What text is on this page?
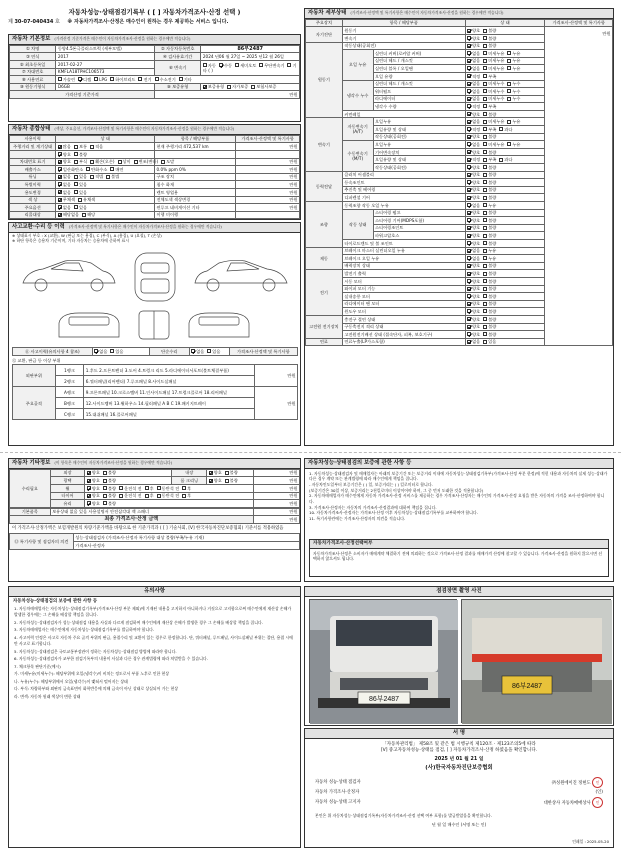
자동차성능·상태점검기록부 ( [ ] 자동차가격조사·산정 선택 )
제 30-07-040434 호 ※ 자동차가격조사·산정은 매수인이 원하는 경우 제공하는 서비스 입니다.
자동차 기본정보 (가격산정 기준가격은 매수인이 자동차가격조사·산정을 원하는 경우에만 적습니다)
① 차명	동양4.5톤극플러스트럭 (세부모델)	② 자동차등록번호	86부2487
③ 연식	2017	④ 검사유효기간	2024 년06 월 27일 ~ 2025 년12 월 26일
⑤ 최초등록일	2017-02-27	⑥ 변속기	자동 수동 세미오토 무단변속기 기타 ( )
⑦ 차대번호	KMFLA18TPHC106573		
⑧ 사용연료	가솔린 디젤 LPG 하이브리드 전기 수소전기 기타		
⑩ 원동기형식	D6GB	⑨ 보증유형	보증유형 자가보증 보험사보증
가격산정 기준가격		만원	
자동차 종합상태 (색상, 주요옵션, 가격조사·산정액 및 특기사항은 매수인이 자동차가격조사·산정을 원하는 경우에만 적습니다)
사용이력	상 태	항목 / 해당부품	가격조사·산정액 및 특기사항
주행거리 및 계기상태	많음 보통 적음	현재 주행거리 472,537 km	만원
	양호 불량		
차대번호 표기	양호 부식 훼손(오손) 상이 변조(변타) 도말		만원
배출가스	일산화탄소 탄화수소 매연	0.0% ppm 0%	만원
튜닝	없음 있음 적법 불법	구조 장치	만원
특별이력	없음 있음	침수 화재	만원
용도변경	없음 있음	렌트 영업용	만원
색 상	무채색 유채색	전체도색 색상변경	만원
주요옵션	없음 있음	썬루프 네비게이션 기타	만원
리콜대상	해당없음 해당	이행 미이행	
사고교환·수리 등 이력 (가격조사·산정액 및 특기사항은 매수인이 자동차가격조사·산정을 원하는 경우에만 적습니다)
※ 상태표시 부호 : X (교환), W (판금 또는 용접), C (부식), A (흠집), U (요철), T (손상)
※ 하단 항목은 승용차 기준이며, 기타 자동차는 승용차에 준하여 표시
⑪ 사고이력(유의사항 4 참조)	없음 있음	단순수리	없음 있음	가격조사·산정액 및 특기사항
⑫ 교환, 판금 등 이상 부위
외판부위	1랭크	1.후드 2.프론트펜더 3.도어 4.트렁크 리드 5.라디에이터서포트(볼트체결부품)	만원
	2랭크	6.쿼터패널(리어펜더) 7.루프패널 8.사이드실패널	
주요골격	A랭크	9.프론트패널 10.크로스멤버 11.인사이드패널 17.트렁크플로어 18.리어패널	만원
	B랭크	12.사이드멤버 13.휠하우스 14.필러패널 A B C 19.패키지트레이	
	C랭크	15.대쉬패널 16.플로어패널	
자동차 세부상태 (가격조사·산정액 및 특기사항은 매수인이 자동차가격조사·산정을 원하는 경우에만 적습니다)
주요장치	항목 / 해당부품		상 태	가격조사·산정액 및 특기사항
자기진단	원동기		양호 불량	만원
	변속기		양호 불량	
원동기	작동상태(공회전)		양호 불량	
	오일 누유	실린더 커버(로커암 커버)	없음 미세누유 누유	
		실린더 헤드 / 개스킷	없음 미세누유 누유	
		실린더 블록 / 오일팬	없음 미세누유 누유	
		오일 유량	적정 부족	
	냉각수 누수	실린더 헤드 / 개스킷	없음 미세누수 누수	
		워터펌프	없음 미세누수 누수	
		라디에이터	없음 미세누수 누수	
		냉각수 수량	적정 부족	
	커먼레일		양호 불량	
변속기	자동변속기 (A/T)	오일누유	없음 미세누유 누유	
		오일유량 및 상태	적정 부족 과다	
		작동상태(공회전)	양호 불량	
	수동변속기 (M/T)	오일누유	없음 미세누유 누유	
		기어변속장치	양호 불량	
		오일유량 및 상태	적정 부족 과다	
		작동상태(공회전)	양호 불량	
동력전달	클러치 어셈블리		양호 불량	
	등속조인트		양호 불량	
	추진축 및 베어링		양호 불량	
	디퍼렌셜 기어		양호 불량	
조향	동력조향 작동 오일 누유		없음 누유	
	작동 상태	스티어링 펌프	양호 불량	
		스티어링 기어(MDPS포함)	양호 불량	
		스티어링조인트	양호 불량	
		파워고압호스	양호 불량	
	타이로드엔드 및 볼 조인트		양호 불량	
제동	브레이크 마스터 실린더오일 누유		없음 누유	
	브레이크 오일 누유		없음 누유	
	배력장치 상태		양호 불량	
전기	발전기 출력		양호 불량	
	시동 모터		양호 불량	
	와이퍼 모터 기능		양호 불량	
	실내송풍 모터		양호 불량	
	라디에이터 팬 모터		양호 불량	
	윈도우 모터		양호 불량	
고전원 전기장치	충전구 절연 상태		양호 불량	
	구동축전지 격리 상태		양호 불량	
	고전원전기배선 상태 (접속단자, 피복, 보호기구)		양호 불량	
연료	연료누출(LP가스포함)		없음 있음	
자동차 기타정보 (이 항목은 매수인이 자동차가격조사·산정을 원하는 경우에만 적습니다)
수리필요	외장	양호 불량	내장	양호 불량	만원
	광택	양호 불량	룸 크리닝	양호 불량	만원
	휠	양호 불량 운전석 전 후 동반석 전 후			만원
	타이어	양호 불량 운전석 전 후 동반석 전 후			만원
	유리	양호 불량			만원
기본품목	보유상태 없음 있음 사용설명서 안전삼각대 잭 스패너	만원
최종 가격조사·산정 금액		만원
이 가격조사·산정가액은 보험개발원의 차량기준가액을 바탕으로 한 기준가격과 ( [ ] 기술사회, [V] 한국자동차진단보증협회) 기준서를 적용하였음
⑬ 특기사항 및 점검자의 의견	성능·상태점검자 (가격조사·산정자 특기사항 대상 불량/부족/누유 기재)
가격조사·산정자
자동차성능·상태점검의 보증에 관한 사항 등
1. 자동차성능·상태점검자 및 매매업자는 아래의 보증기간 또는 보증거리 이내에 자동차성능·상태점검기록부(가격조사·산정 부분 한정)에 적힌 내용과 자동차의 실제 성능·상태가 다른 경우 계약 또는 관계법령에 따라 매수인에게 책임을 집니다.
- 자동차인도일부터 보증기간은 ( ) 일, 보증거리는 ( ) 킬로미터로 합니다.
(보증기간은 30일 이상, 보증거리는 2천킬로미터 이상이어야 하며, 그 중 먼저 도래한 것을 적용합니다)
2. 자동차매매업자가 매수인에게 자동차 가격조사·산정 서비스를 제공하는 경우 가격조사·산정자는 매수인의 가격조사·산정 요청을 받은 자동차의 가격을 조사·산정하여야 합니다.
3. 가격조사·산정자는 자동차의 가격조사·산정결과에 대하여 책임을 집니다.
10. 자동차가격조사·산정자는 가격조사·산정 이후 자동차성능·상태점검기록부를 교부하여야 합니다.
11. 특기사항란에는 가격조사·산정자의 의견을 적습니다.
자동차가격조사·산정선택여부
자동차가격조사·산정은 소비자가 매매계약 체결하기 전에 의뢰하는 것으로 가격조사·산정 결과를 매매가격 산정에 참고할 수 있습니다. 가격조사·산정을 원하지 않으시면 선택하지 않으셔도 됩니다.
유의사항
자동차성능·상태점검의 보증에 관한 사항 등
1. 자동차매매업자는 자동차성능·상태점검기록부(가격조사·산정 부분 제외)에 기재된 내용을 고지하지 아니하거나 거짓으로 고지함으로써 매수인에게 재산상 손해가 발생한 경우에는 그 손해를 배상할 책임을 집니다.
2. 자동차성능·상태점검자가 성능·상태점검 내용을 사실과 다르게 점검하여 매수인에게 재산상 손해가 발생한 경우 그 손해를 배상할 책임을 집니다.
3. 자동차매매업자는 매수인에게 자동차성능·상태점검기록부를 발급하여야 합니다.
4. 사고이력 인정은 사고로 자동차 주요 골격 부위의 판금, 용접수리 및 교환이 있는 경우로 한정합니다. 단, 쿼터패널, 루프패널, 사이드실패널 부위는 절단, 용접 시에만 사고로 표기합니다.
5. 자동차성능·상태점검은 국토교통부장관이 정하는 자동차성능·상태점검 방법에 따라야 합니다.
6. 자동차성능·상태점검자가 교부한 점검기록부의 내용이 사실과 다른 경우 관계법령에 따라 처벌받을 수 있습니다.
7. 체크항목 판단기준(예시)
가. 미세누유(미세누수): 해당부위에 오일(냉각수)이 비치는 정도로서 부품 노후로 인한 현상
나. 누유(누수): 해당부위에서 오일(냉각수)이 맺혀서 떨어지는 상태
다. 부식: 차량하부와 외판의 금속표면이 화학반응에 의해 금속이 아닌 상태로 상실되어 가는 현상
라. 변색: 자동차 원래 색상이 변한 상태
점검장면 촬영 사진
86부2487
86부2487
서 명
「자동차관리법」 제58조 및 같은 법 시행규칙 제120조 · 제123조의5에 따라
[V] 중고자동차성능·상태를 점검, [ ] 자동차가격조사·산정 하였음을 확인합니다.
2025 년 01 월 21 일
(사)한국자동차진단보증협회
자동차 성능·상태 점검자	㈜성원에이진 정현도 인
자동차 가격조사·산정자	(인)
자동차 성능·상태 고지자	대한상사 자동차매매상사 인
본인은 위 자동차성능·상태점검기록부(자동차가격조사·산정 선택 여부 포함)를 발급받았음을 확인합니다.
년 월 일 매수인 (서명 또는 인)
인쇄일 : 2025-05-20
